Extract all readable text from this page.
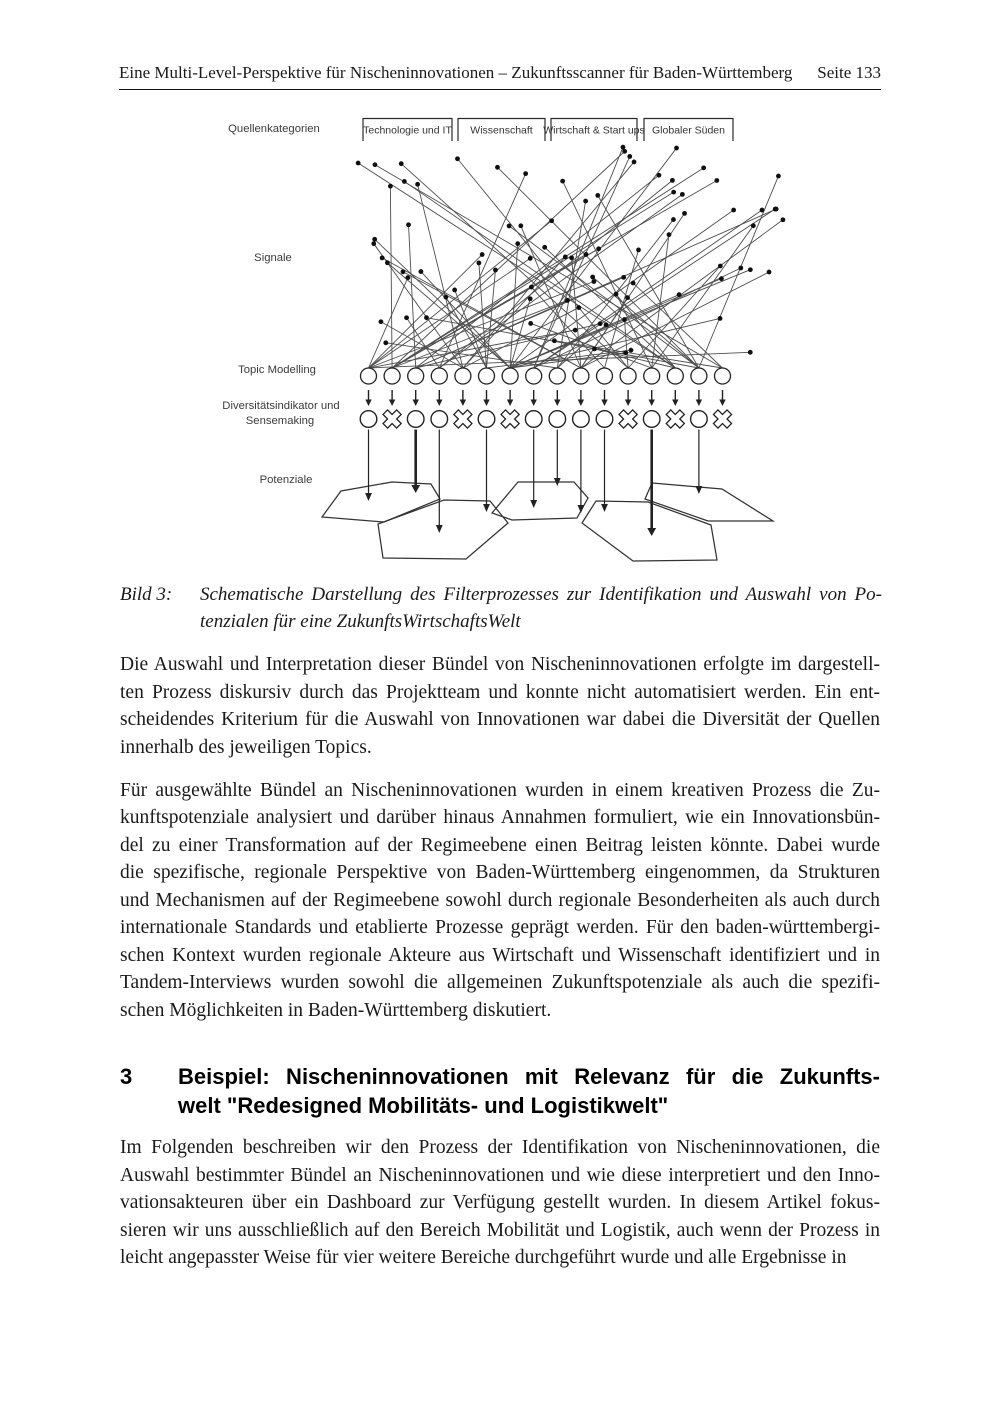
Eine Multi-Level-Perspektive für Nischeninnovationen – Zukunftsscanner für Baden-Württemberg Seite 133
Technologie und IT Wissenschaft Wirtschaft & Start ups Globaler Süden
Quellenkategorien
Signale
Topic Modelling
Diversitätsindikator und
Sensemaking
Potenziale
Bild 3:	Schematische Darstellung des Filterprozesses zur Identifikation und Auswahl von Po-
tenzialen für eine ZukunftsWirtschaftsWelt
Die Auswahl und Interpretation dieser Bündel von Nischeninnovationen erfolgte im dargestell-
ten Prozess diskursiv durch das Projektteam und konnte nicht automatisiert werden. Ein ent-
scheidendes Kriterium für die Auswahl von Innovationen war dabei die Diversität der Quellen
innerhalb des jeweiligen Topics.
Für ausgewählte Bündel an Nischeninnovationen wurden in einem kreativen Prozess die Zu-
kunftspotenziale analysiert und darüber hinaus Annahmen formuliert, wie ein Innovationsbün-
del zu einer Transformation auf der Regimeebene einen Beitrag leisten könnte. Dabei wurde
die spezifische, regionale Perspektive von Baden-Württemberg eingenommen, da Strukturen
und Mechanismen auf der Regimeebene sowohl durch regionale Besonderheiten als auch durch
internationale Standards und etablierte Prozesse geprägt werden. Für den baden-württembergi-
schen Kontext wurden regionale Akteure aus Wirtschaft und Wissenschaft identifiziert und in
Tandem-Interviews wurden sowohl die allgemeinen Zukunftspotenziale als auch die spezifi-
schen Möglichkeiten in Baden-Württemberg diskutiert.
3	Beispiel: Nischeninnovationen mit Relevanz für die Zukunfts-
welt "Redesigned Mobilitäts- und Logistikwelt"
Im Folgenden beschreiben wir den Prozess der Identifikation von Nischeninnovationen, die
Auswahl bestimmter Bündel an Nischeninnovationen und wie diese interpretiert und den Inno-
vationsakteuren über ein Dashboard zur Verfügung gestellt wurden. In diesem Artikel fokus-
sieren wir uns ausschließlich auf den Bereich Mobilität und Logistik, auch wenn der Prozess in
leicht angepasster Weise für vier weitere Bereiche durchgeführt wurde und alle Ergebnisse in
